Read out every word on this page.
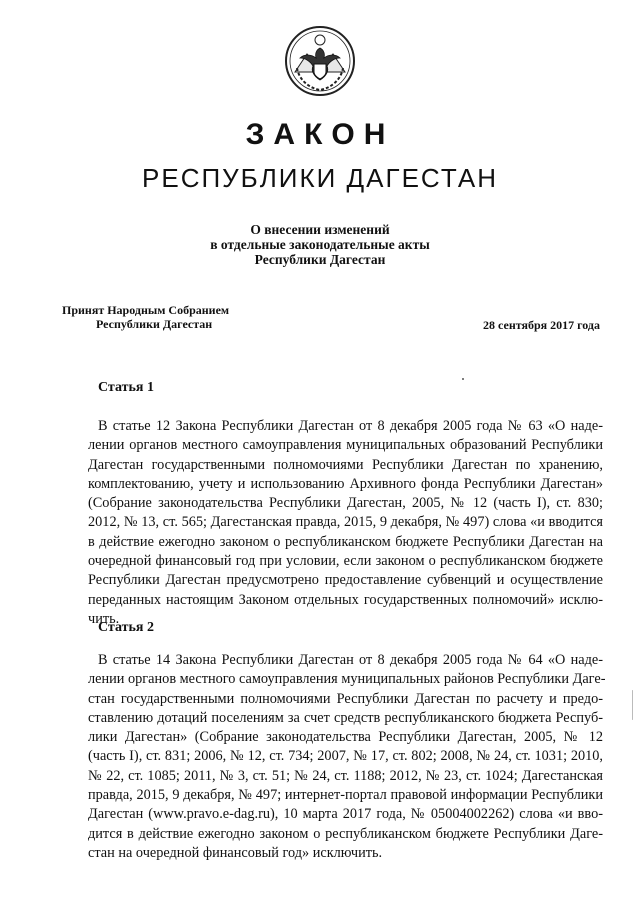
ЗАКОН
РЕСПУБЛИКИ ДАГЕСТАН
О внесении изменений
в отдельные законодательные акты
Республики Дагестан
Принят Народным Собранием
Республики Дагестан	28 сентября 2017 года
Статья 1
В статье 12 Закона Республики Дагестан от 8 декабря 2005 года № 63 «О наде-
лении органов местного самоуправления муниципальных образований Республики
Дагестан государственными полномочиями Республики Дагестан по хранению,
комплектованию, учету и использованию Архивного фонда Республики Дагестан»
(Собрание законодательства Республики Дагестан, 2005, № 12 (часть I), ст. 830;
2012, № 13, ст. 565; Дагестанская правда, 2015, 9 декабря, № 497) слова «и вводится
в действие ежегодно законом о республиканском бюджете Республики Дагестан на
очередной финансовый год при условии, если законом о республиканском бюджете
Республики Дагестан предусмотрено предоставление субвенций и осуществление
переданных настоящим Законом отдельных государственных полномочий» исклю-
чить.
Статья 2
В статье 14 Закона Республики Дагестан от 8 декабря 2005 года № 64 «О наде-
лении органов местного самоуправления муниципальных районов Республики Даге-
стан государственными полномочиями Республики Дагестан по расчету и предо-
ставлению дотаций поселениям за счет средств республиканского бюджета Респуб-
лики Дагестан» (Собрание законодательства Республики Дагестан, 2005, № 12
(часть I), ст. 831; 2006, № 12, ст. 734; 2007, № 17, ст. 802; 2008, № 24, ст. 1031; 2010,
№ 22, ст. 1085; 2011, № 3, ст. 51; № 24, ст. 1188; 2012, № 23, ст. 1024; Дагестанская
правда, 2015, 9 декабря, № 497; интернет-портал правовой информации Республики
Дагестан (www.pravo.e-dag.ru), 10 марта 2017 года, № 05004002262) слова «и вво-
дится в действие ежегодно законом о республиканском бюджете Республики Даге-
стан на очередной финансовый год» исключить.
